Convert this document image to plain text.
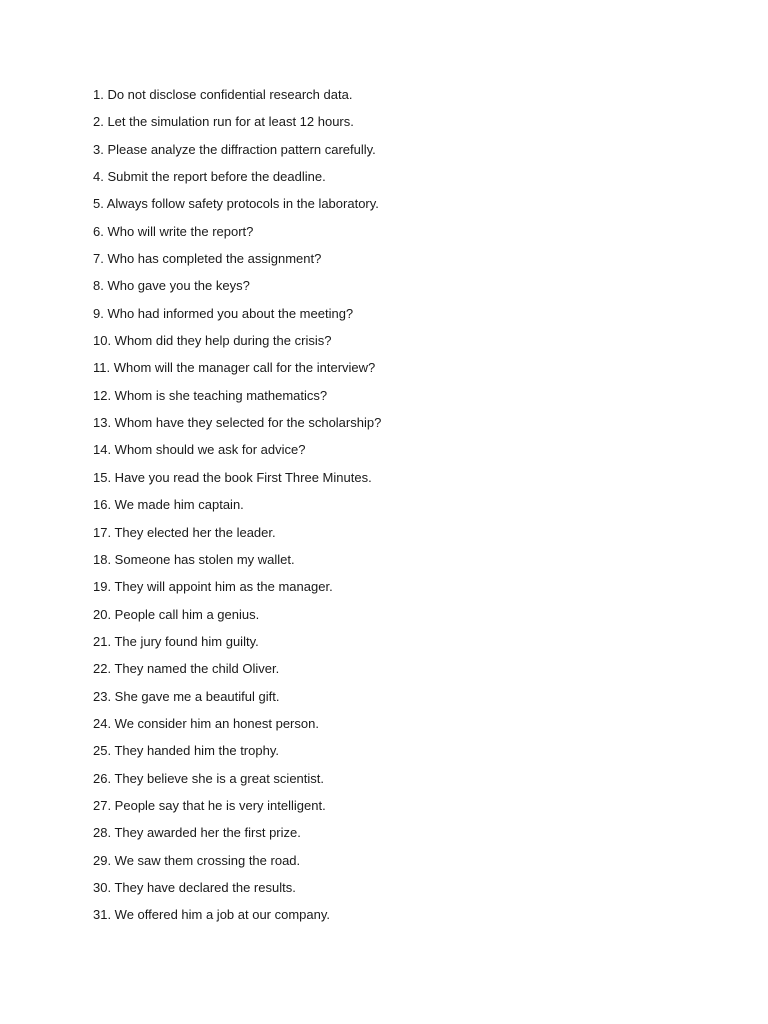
1. Do not disclose confidential research data.
2. Let the simulation run for at least 12 hours.
3. Please analyze the diffraction pattern carefully.
4. Submit the report before the deadline.
5. Always follow safety protocols in the laboratory.
6. Who will write the report?
7. Who has completed the assignment?
8. Who gave you the keys?
9. Who had informed you about the meeting?
10. Whom did they help during the crisis?
11. Whom will the manager call for the interview?
12. Whom is she teaching mathematics?
13. Whom have they selected for the scholarship?
14. Whom should we ask for advice?
15. Have you read the book First Three Minutes.
16. We made him captain.
17. They elected her the leader.
18. Someone has stolen my wallet.
19. They will appoint him as the manager.
20. People call him a genius.
21. The jury found him guilty.
22. They named the child Oliver.
23. She gave me a beautiful gift.
24. We consider him an honest person.
25. They handed him the trophy.
26. They believe she is a great scientist.
27. People say that he is very intelligent.
28. They awarded her the first prize.
29. We saw them crossing the road.
30. They have declared the results.
31. We offered him a job at our company.
